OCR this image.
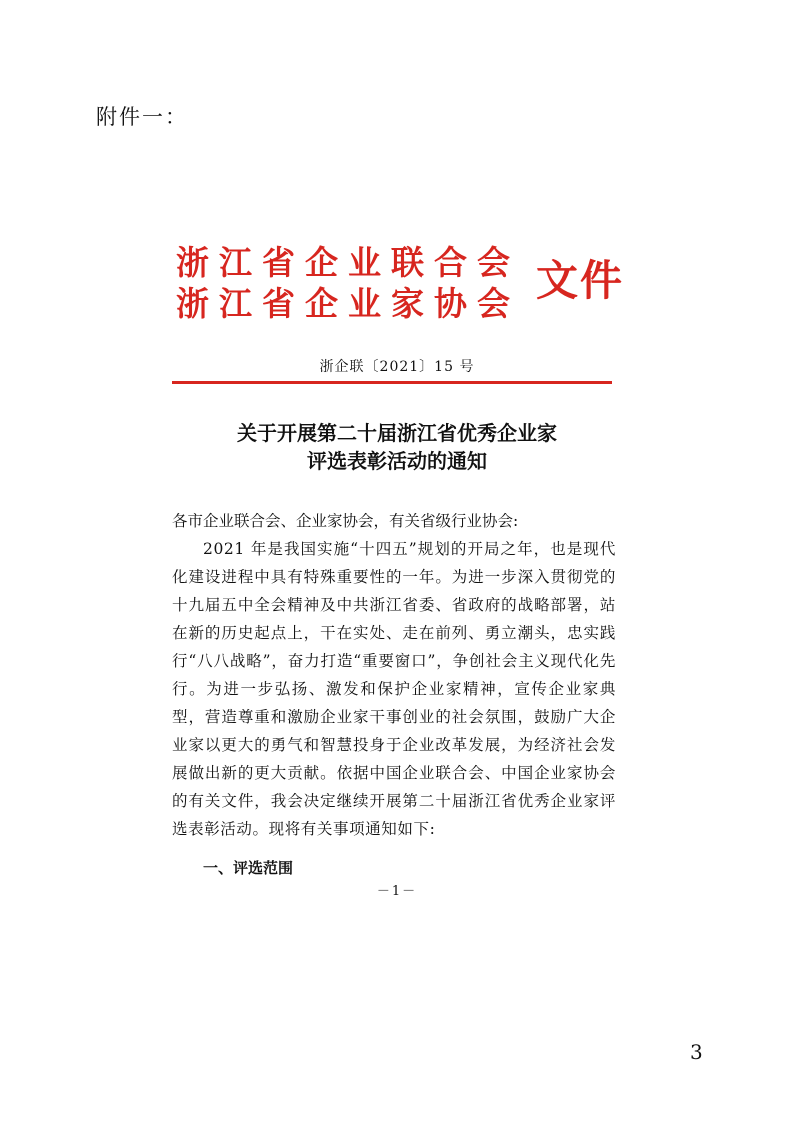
附件一：
浙江省企业联合会
浙江省企业家协会 文件
浙企联〔2021〕15 号
关于开展第二十届浙江省优秀企业家
评选表彰活动的通知
各市企业联合会、企业家协会，有关省级行业协会:
2021 年是我国实施“十四五”规划的开局之年，也是现代化建设进程中具有特殊重要性的一年。为进一步深入贯彻党的十九届五中全会精神及中共浙江省委、省政府的战略部署，站在新的历史起点上，干在实处、走在前列、勇立潮头，忠实践行“八八战略”，奋力打造“重要窗口”，争创社会主义现代化先行。为进一步弘扬、激发和保护企业家精神，宣传企业家典型，营造尊重和激励企业家干事创业的社会氛围，鼓励广大企业家以更大的勇气和智慧投身于企业改革发展，为经济社会发展做出新的更大贡献。依据中国企业联合会、中国企业家协会的有关文件，我会决定继续开展第二十届浙江省优秀企业家评选表彰活动。现将有关事项通知如下:
一、评选范围
－1－
3
